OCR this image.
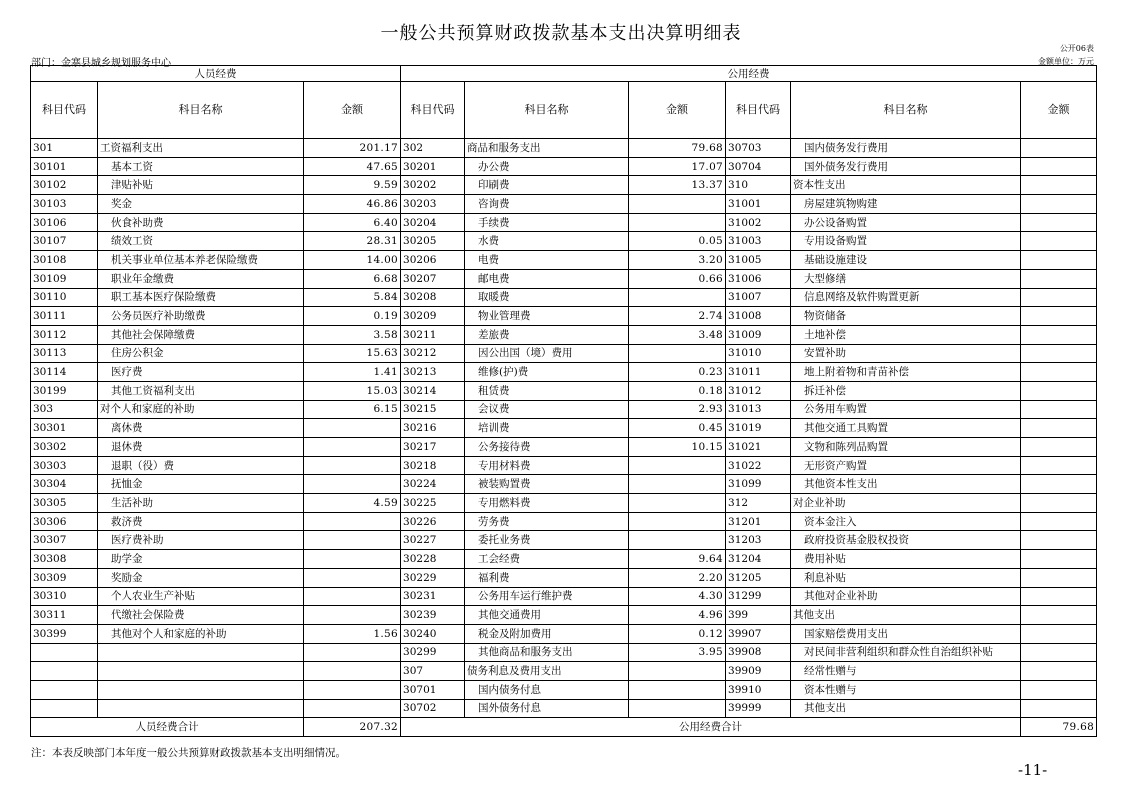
一般公共预算财政拨款基本支出决算明细表
公开06表
金额单位：万元
部门：金寨县城乡规划服务中心
人员经费			公用经费					
科目代码	科目名称	金额	科目代码	科目名称	金额	科目代码	科目名称	金额
301	工资福利支出	201.17	302	商品和服务支出	79.68	30703	国内债务发行费用	
30101	基本工资	47.65	30201	办公费	17.07	30704	国外债务发行费用	
30102	津贴补贴	9.59	30202	印刷费	13.37	310	资本性支出	
30103	奖金	46.86	30203	咨询费		31001	房屋建筑物购建	
30106	伙食补助费	6.40	30204	手续费		31002	办公设备购置	
30107	绩效工资	28.31	30205	水费	0.05	31003	专用设备购置	
30108	机关事业单位基本养老保险缴费	14.00	30206	电费	3.20	31005	基础设施建设	
30109	职业年金缴费	6.68	30207	邮电费	0.66	31006	大型修缮	
30110	职工基本医疗保险缴费	5.84	30208	取暖费		31007	信息网络及软件购置更新	
30111	公务员医疗补助缴费	0.19	30209	物业管理费	2.74	31008	物资储备	
30112	其他社会保障缴费	3.58	30211	差旅费	3.48	31009	土地补偿	
30113	住房公积金	15.63	30212	因公出国（境）费用		31010	安置补助	
30114	医疗费	1.41	30213	维修(护)费	0.23	31011	地上附着物和青苗补偿	
30199	其他工资福利支出	15.03	30214	租赁费	0.18	31012	拆迁补偿	
303	对个人和家庭的补助	6.15	30215	会议费	2.93	31013	公务用车购置	
30301	离休费		30216	培训费	0.45	31019	其他交通工具购置	
30302	退休费		30217	公务接待费	10.15	31021	文物和陈列品购置	
30303	退职（役）费		30218	专用材料费		31022	无形资产购置	
30304	抚恤金		30224	被装购置费		31099	其他资本性支出	
30305	生活补助	4.59	30225	专用燃料费		312	对企业补助	
30306	救济费		30226	劳务费		31201	资本金注入	
30307	医疗费补助		30227	委托业务费		31203	政府投资基金股权投资	
30308	助学金		30228	工会经费	9.64	31204	费用补贴	
30309	奖励金		30229	福利费	2.20	31205	利息补贴	
30310	个人农业生产补贴		30231	公务用车运行维护费	4.30	31299	其他对企业补助	
30311	代缴社会保险费		30239	其他交通费用	4.96	399	其他支出	
30399	其他对个人和家庭的补助	1.56	30240	税金及附加费用	0.12	39907	国家赔偿费用支出	
			30299	其他商品和服务支出	3.95	39908	对民间非营利组织和群众性自治组织补贴	
			307	债务利息及费用支出		39909	经常性赠与	
			30701	国内债务付息		39910	资本性赠与	
			30702	国外债务付息		39999	其他支出	
人员经费合计		207.32	公用经费合计					79.68
注：本表反映部门本年度一般公共预算财政拨款基本支出明细情况。
-11-
